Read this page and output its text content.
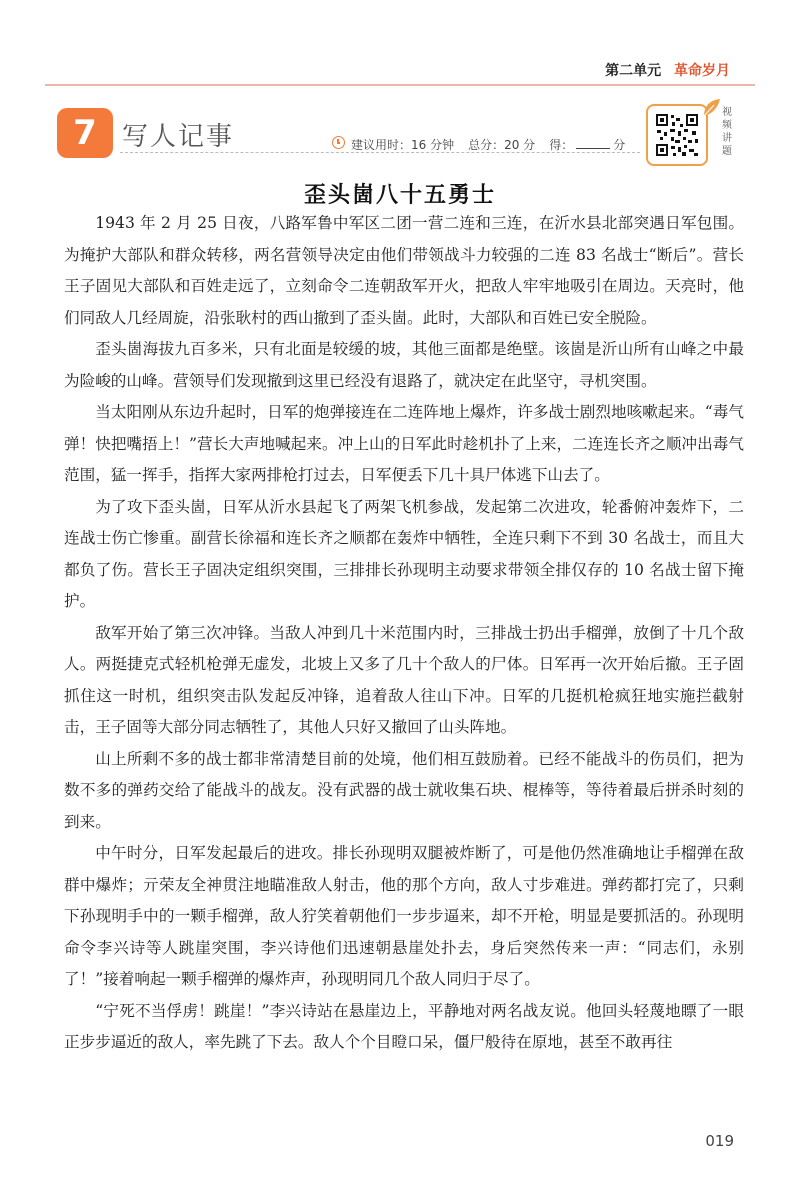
第二单元 革命岁月
7 写人记事	建议用时：16 分钟 总分：20 分 得：	分
视频讲题
歪头崮八十五勇士

1943 年 2 月 25 日夜，八路军鲁中军区二团一营二连和三连，在沂水县北部突遇日军包围。为掩护大部队和群众转移，两名营领导决定由他们带领战斗力较强的二连 83 名战士“断后”。营长王子固见大部队和百姓走远了，立刻命令二连朝敌军开火，把敌人牢牢地吸引在周边。天亮时，他们同敌人几经周旋，沿张耿村的西山撤到了歪头崮。此时，大部队和百姓已安全脱险。

歪头崮海拔九百多米，只有北面是较缓的坡，其他三面都是绝壁。该崮是沂山所有山峰之中最为险峻的山峰。营领导们发现撤到这里已经没有退路了，就决定在此坚守，寻机突围。

当太阳刚从东边升起时，日军的炮弹接连在二连阵地上爆炸，许多战士剧烈地咳嗽起来。“毒气弹！快把嘴捂上！”营长大声地喊起来。冲上山的日军此时趁机扑了上来，二连连长齐之顺冲出毒气范围，猛一挥手，指挥大家两排枪打过去，日军便丢下几十具尸体逃下山去了。

为了攻下歪头崮，日军从沂水县起飞了两架飞机参战，发起第二次进攻，轮番俯冲轰炸下，二连战士伤亡惨重。副营长徐福和连长齐之顺都在轰炸中牺牲，全连只剩下不到 30 名战士，而且大都负了伤。营长王子固决定组织突围，三排排长孙现明主动要求带领全排仅存的 10 名战士留下掩护。

敌军开始了第三次冲锋。当敌人冲到几十米范围内时，三排战士扔出手榴弹，放倒了十几个敌人。两挺捷克式轻机枪弹无虚发，北坡上又多了几十个敌人的尸体。日军再一次开始后撤。王子固抓住这一时机，组织突击队发起反冲锋，追着敌人往山下冲。日军的几挺机枪疯狂地实施拦截射击，王子固等大部分同志牺牲了，其他人只好又撤回了山头阵地。

山上所剩不多的战士都非常清楚目前的处境，他们相互鼓励着。已经不能战斗的伤员们，把为数不多的弹药交给了能战斗的战友。没有武器的战士就收集石块、棍棒等，等待着最后拼杀时刻的到来。

中午时分，日军发起最后的进攻。排长孙现明双腿被炸断了，可是他仍然准确地让手榴弹在敌群中爆炸；亓荣友全神贯注地瞄准敌人射击，他的那个方向，敌人寸步难进。弹药都打完了，只剩下孙现明手中的一颗手榴弹，敌人狞笑着朝他们一步步逼来，却不开枪，明显是要抓活的。孙现明命令李兴诗等人跳崖突围，李兴诗他们迅速朝悬崖处扑去，身后突然传来一声：“同志们，永别了！”接着响起一颗手榴弹的爆炸声，孙现明同几个敌人同归于尽了。

“宁死不当俘虏！跳崖！”李兴诗站在悬崖边上，平静地对两名战友说。他回头轻蔑地瞟了一眼正步步逼近的敌人，率先跳了下去。敌人个个目瞪口呆，僵尸般待在原地，甚至不敢再往

019
